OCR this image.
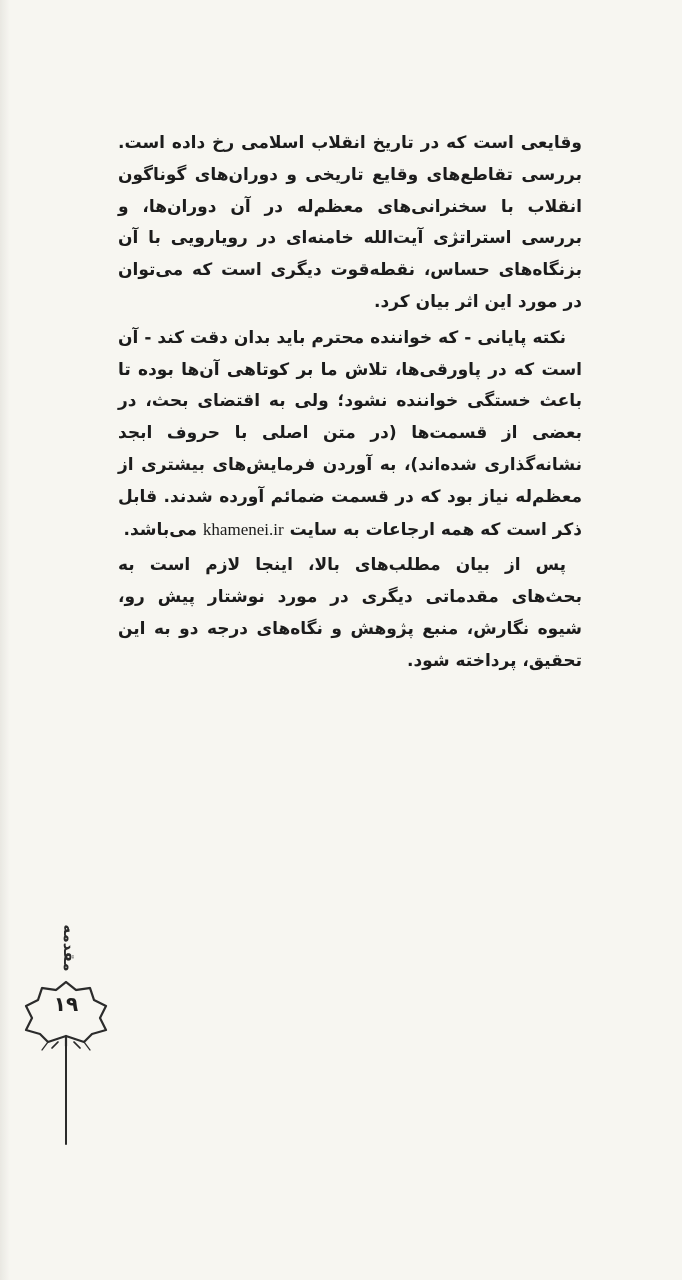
وقایعی است که در تاریخ انقلاب اسلامی رخ داده است. بررسی تقاطع‌های وقایع تاریخی و دوران‌های گوناگون انقلاب با سخنرانی‌های معظم‌له در آن دوران‌ها، و بررسی استراتژی آیت‌الله خامنه‌ای در رویارویی با آن بزنگاه‌های حساس، نقطه‌قوت دیگری است که می‌توان در مورد این اثر بیان کرد.

نکته پایانی - که خواننده محترم باید بدان دقت کند - آن است که در پاورقی‌ها، تلاش ما بر کوتاهی آن‌ها بوده تا باعث خستگی خواننده نشود؛ ولی به اقتضای بحث، در بعضی از قسمت‌ها (در متن اصلی با حروف ابجد نشانه‌گذاری شده‌اند)، به آوردن فرمایش‌های بیشتری از معظم‌له نیاز بود که در قسمت ضمائم آورده شدند. قابل ذکر است که همه ارجاعات به سایت khamenei.ir می‌باشد.

پس از بیان مطلب‌های بالا، اینجا لازم است به بحث‌های مقدماتی دیگری در مورد نوشتار پیش رو، شیوه نگارش، منبع پژوهش و نگاه‌های درجه دو به این تحقیق، پرداخته شود.

مقدمه
۱۹
